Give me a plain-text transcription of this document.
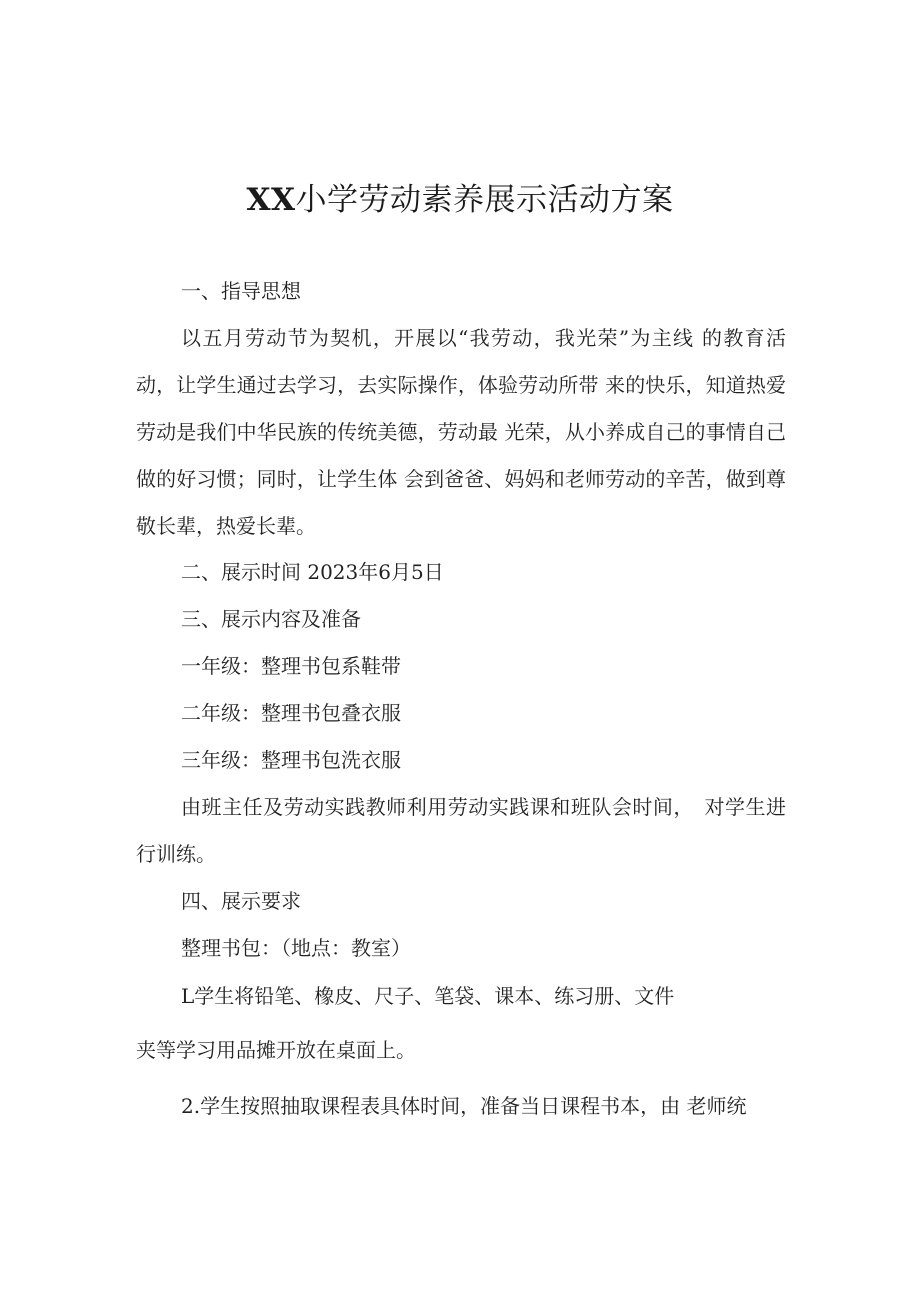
XX小学劳动素养展示活动方案

一、指导思想

以五月劳动节为契机，开展以“我劳动，我光荣”为主线 的教育活动，让学生通过去学习，去实际操作，体验劳动所带 来的快乐，知道热爱劳动是我们中华民族的传统美德，劳动最 光荣，从小养成自己的事情自己做的好习惯；同时，让学生体 会到爸爸、妈妈和老师劳动的辛苦，做到尊敬长辈，热爱长辈。

二、展示时间 2023年6月5日

三、展示内容及准备

一年级：整理书包系鞋带

二年级：整理书包叠衣服

三年级：整理书包洗衣服

由班主任及劳动实践教师利用劳动实践课和班队会时间，　对学生进行训练。

四、展示要求

整理书包：（地点：教室）

L学生将铅笔、橡皮、尺子、笔袋、课本、练习册、文件

夹等学习用品摊开放在桌面上。

2.学生按照抽取课程表具体时间，准备当日课程书本，由 老师统
